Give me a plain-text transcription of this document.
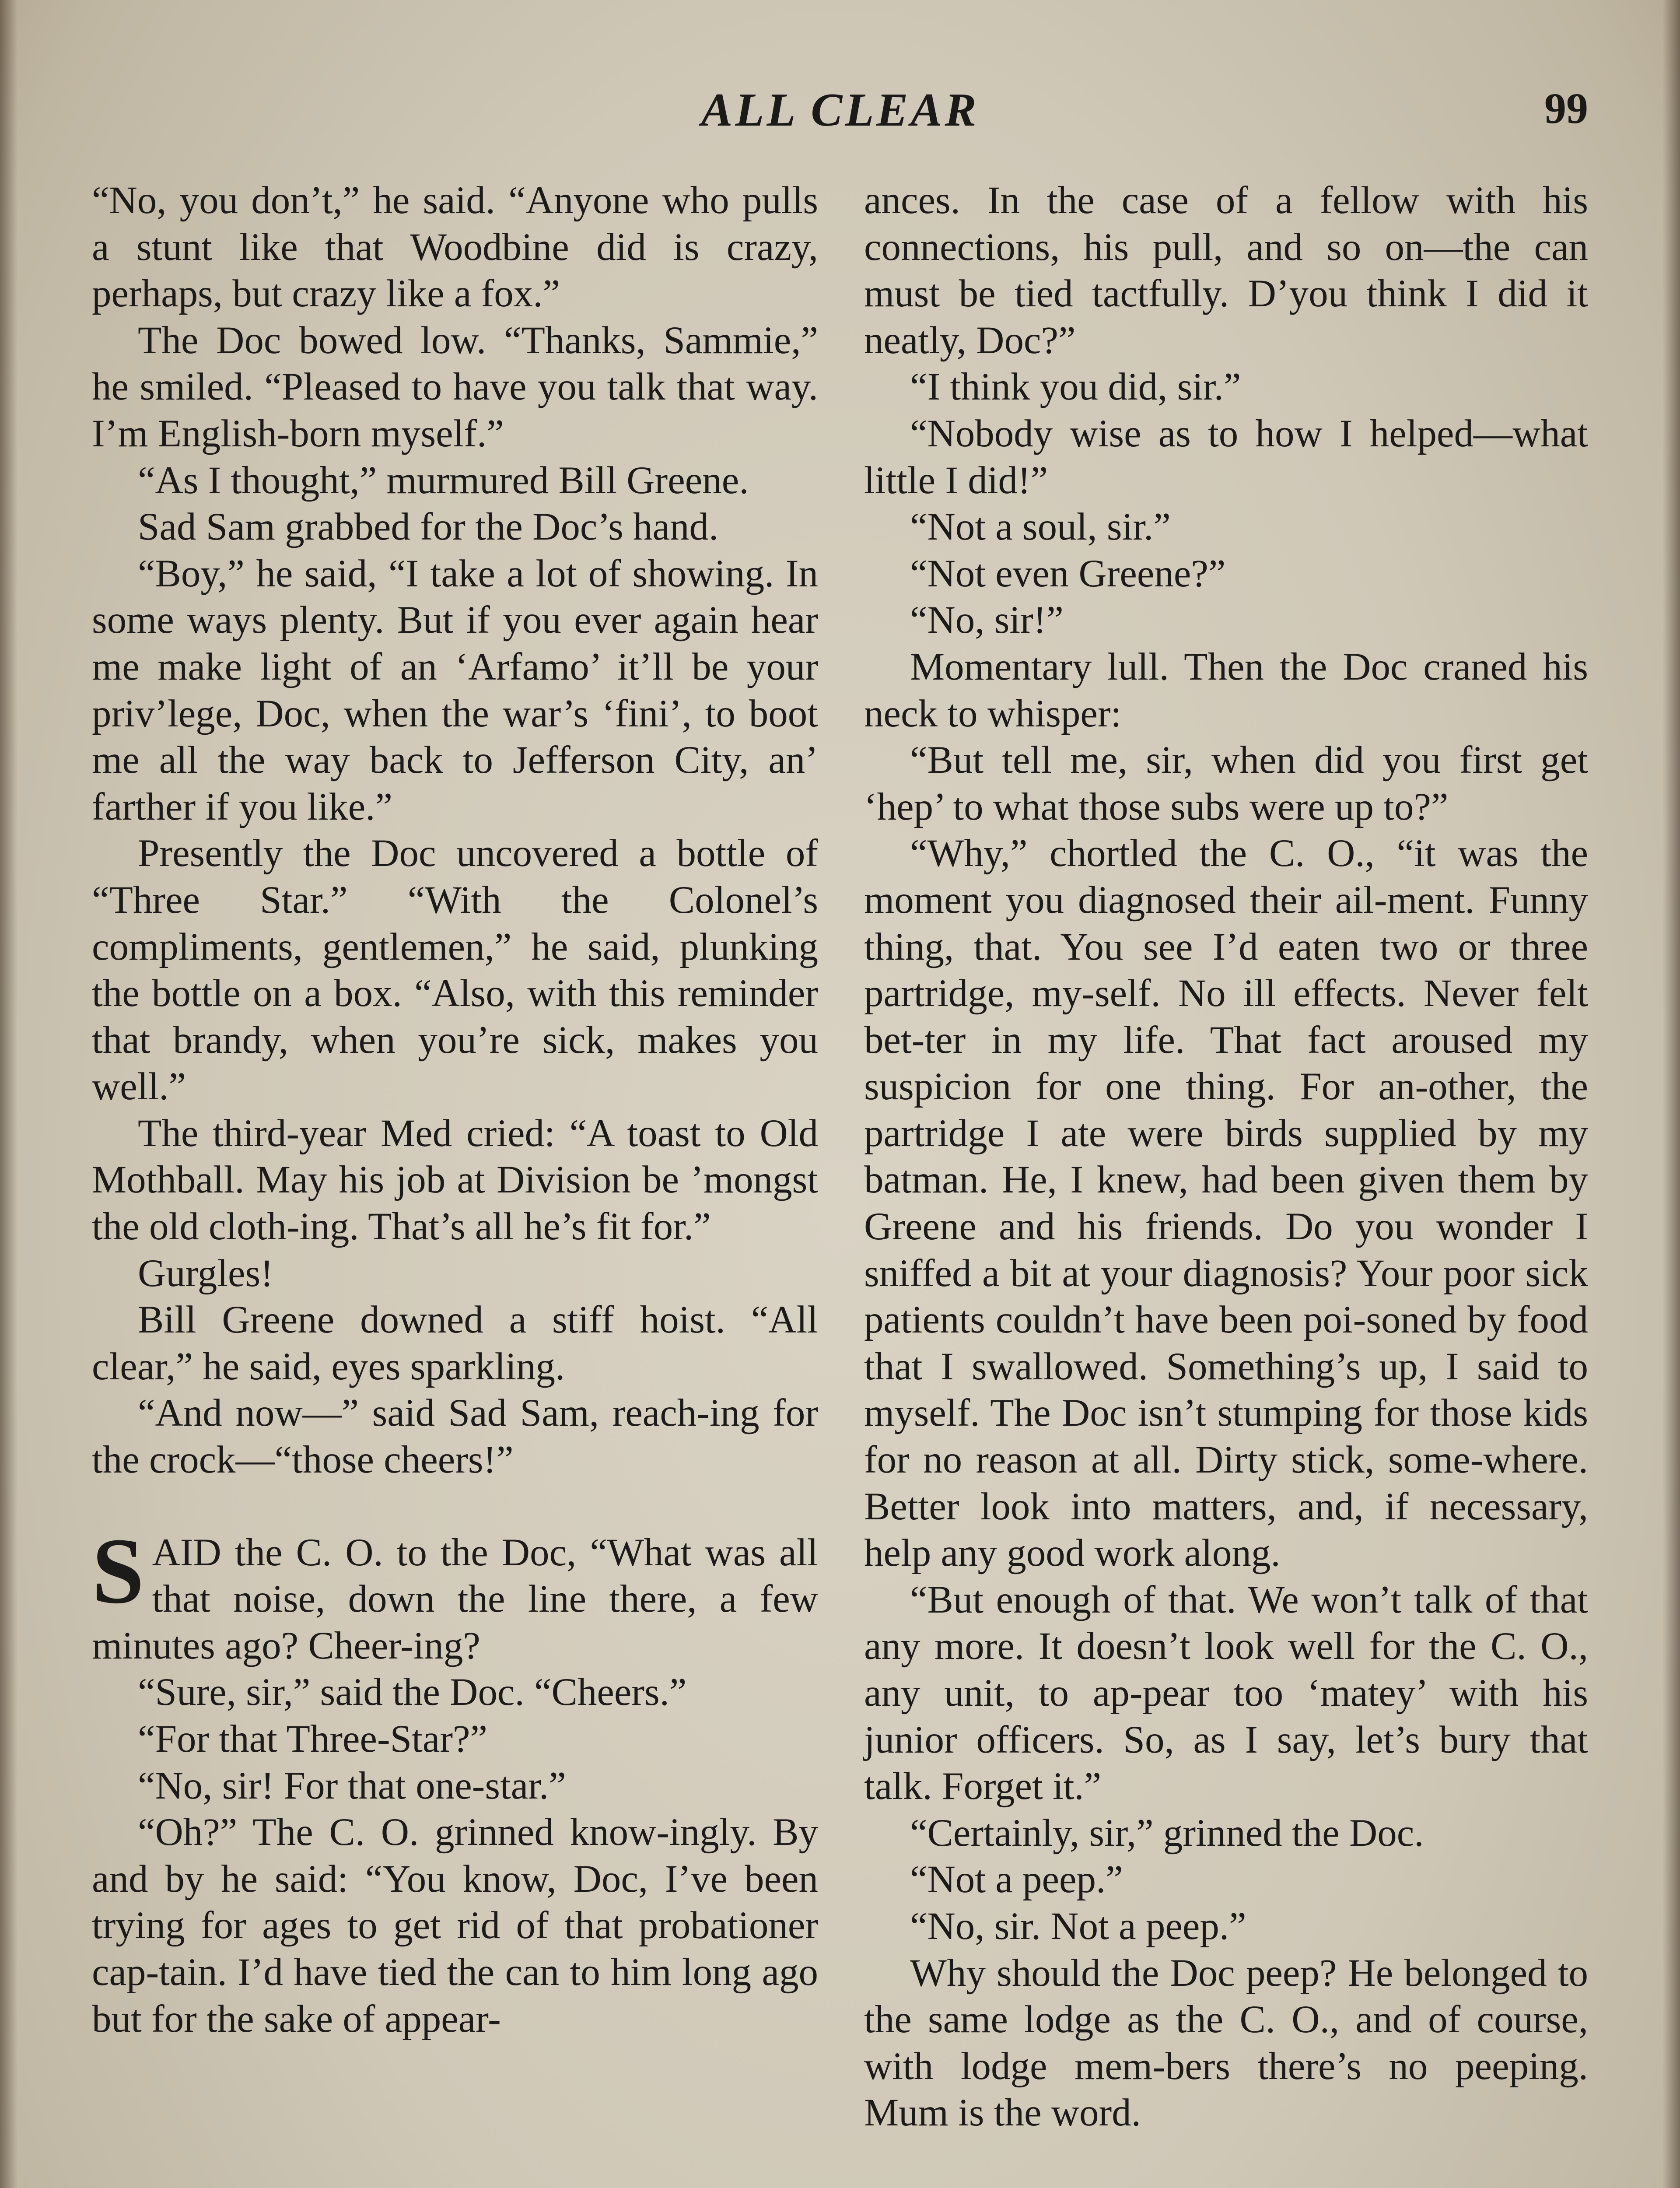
ALL CLEAR	99

“No, you don’t,” he said. “Anyone who pulls a stunt like that Woodbine did is crazy, perhaps, but crazy like a fox.”

The Doc bowed low. “Thanks, Sammie,” he smiled. “Pleased to have you talk that way. I’m English-born myself.”

“As I thought,” murmured Bill Greene.

Sad Sam grabbed for the Doc’s hand.

“Boy,” he said, “I take a lot of showing. In some ways plenty. But if you ever again hear me make light of an ‘Arfamo’ it’ll be your priv’lege, Doc, when the war’s ‘fini’, to boot me all the way back to Jefferson City, an’ farther if you like.”

Presently the Doc uncovered a bottle of “Three Star.” “With the Colonel’s compliments, gentlemen,” he said, plunking the bottle on a box. “Also, with this reminder that brandy, when you’re sick, makes you well.”

The third-year Med cried: “A toast to Old Mothball. May his job at Division be ’mongst the old cloth-ing. That’s all he’s fit for.”

Gurgles!

Bill Greene downed a stiff hoist. “All clear,” he said, eyes sparkling.

“And now—” said Sad Sam, reach-ing for the crock—“those cheers!”

SAID the C. O. to the Doc, “What was all that noise, down the line there, a few minutes ago? Cheer-ing?

“Sure, sir,” said the Doc. “Cheers.”

“For that Three-Star?”

“No, sir! For that one-star.”

“Oh?” The C. O. grinned know-ingly. By and by he said: “You know, Doc, I’ve been trying for ages to get rid of that probationer cap-tain. I’d have tied the can to him long ago but for the sake of appear-

ances. In the case of a fellow with his connections, his pull, and so on—the can must be tied tactfully. D’you think I did it neatly, Doc?”

“I think you did, sir.”

“Nobody wise as to how I helped—what little I did!”

“Not a soul, sir.”

“Not even Greene?”

“No, sir!”

Momentary lull. Then the Doc craned his neck to whisper:

“But tell me, sir, when did you first get ‘hep’ to what those subs were up to?”

“Why,” chortled the C. O., “it was the moment you diagnosed their ail-ment. Funny thing, that. You see I’d eaten two or three partridge, my-self. No ill effects. Never felt bet-ter in my life. That fact aroused my suspicion for one thing. For an-other, the partridge I ate were birds supplied by my batman. He, I knew, had been given them by Greene and his friends. Do you wonder I sniffed a bit at your diagnosis? Your poor sick patients couldn’t have been poi-soned by food that I swallowed. Something’s up, I said to myself. The Doc isn’t stumping for those kids for no reason at all. Dirty stick, some-where. Better look into matters, and, if necessary, help any good work along.

“But enough of that. We won’t talk of that any more. It doesn’t look well for the C. O., any unit, to ap-pear too ‘matey’ with his junior officers. So, as I say, let’s bury that talk. Forget it.”

“Certainly, sir,” grinned the Doc.

“Not a peep.”

“No, sir. Not a peep.”

Why should the Doc peep? He belonged to the same lodge as the C. O., and of course, with lodge mem-bers there’s no peeping. Mum is the word.
